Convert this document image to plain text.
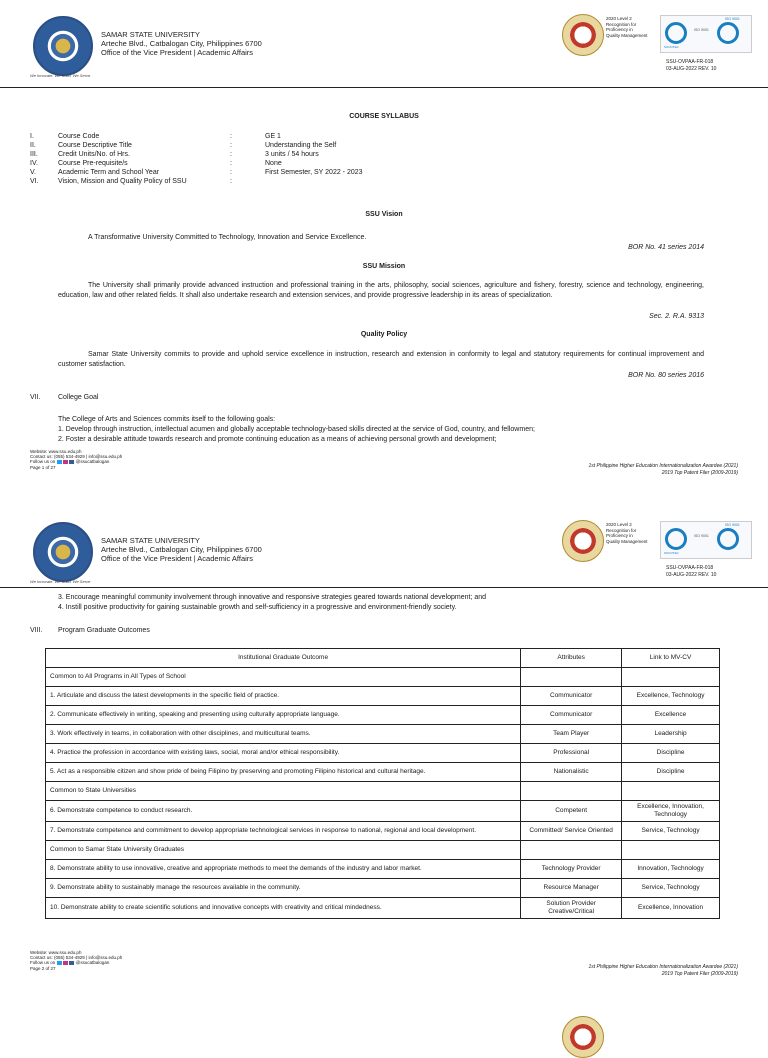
We Innovate. We Build. We Serve.
SAMAR STATE UNIVERSITY
Arteche Blvd., Catbalogan City, Philippines 6700
Office of the Vice President | Academic Affairs
2020 Level 2
Recognition for
Proficiency in
Quality Management
ISO 9001
ISO 9001
SOCOTEC
SSU-OVPAA-FR-018
03-AUG-2022 REV. 10
COURSE SYLLABUS
I.	Course Code	:	GE 1
II.	Course Descriptive Title	:	Understanding the Self
III.	Credit Units/No. of Hrs.	:	3 units / 54 hours
IV.	Course Pre-requisite/s	:	None
V.	Academic Term and School Year	:	First Semester, SY 2022 - 2023
VI.	Vision, Mission and Quality Policy of SSU	:
SSU Vision
A Transformative University Committed to Technology, Innovation and Service Excellence.
BOR No. 41 series 2014
SSU Mission
The University shall primarily provide advanced instruction and professional training in the arts, philosophy, social sciences, agriculture and fishery, forestry, science and technology, engineering, education, law and other related fields. It shall also undertake research and extension services, and provide progressive leadership in its areas of specialization.
Sec. 2. R.A. 9313
Quality Policy
Samar State University commits to provide and uphold service excellence in instruction, research and extension in conformity to legal and statutory requirements for continual improvement and customer satisfaction.
BOR No. 80 series 2016
VII. College Goal
The College of Arts and Sciences commits itself to the following goals:
1. Develop through instruction, intellectual acumen and globally acceptable technology-based skills directed at the service of God, country, and fellowmen;
2. Foster a desirable attitude towards research and promote continuing education as a means of achieving personal growth and development;
Website: www.ssu.edu.ph
Contact us: (055) 534-4929 | info@ssu.edu.ph
Follow us on	@ssucatbalogan
Page 1 of 27	1st Philippine Higher Education Internationalization Awardee (2021)
2019 Top Patent Filer (2009-2019)
We Innovate. We Build. We Serve.
SAMAR STATE UNIVERSITY
Arteche Blvd., Catbalogan City, Philippines 6700
Office of the Vice President | Academic Affairs
2020 Level 2
Recognition for
Proficiency in
Quality Management
ISO 9001
ISO 9001
SOCOTEC
SSU-OVPAA-FR-018
03-AUG-2022 REV. 10
3. Encourage meaningful community involvement through innovative and responsive strategies geared towards national development; and
4. Instill positive productivity for gaining sustainable growth and self-sufficiency in a progressive and environment-friendly society.
VIII. Program Graduate Outcomes
Website: www.ssu.edu.ph
Contact us: (055) 534-4929 | info@ssu.edu.ph
Follow us on	@ssucatbalogan
Page 2 of 27	1st Philippine Higher Education Internationalization Awardee (2021)
2019 Top Patent Filer (2009-2019)
Institutional Graduate Outcome	Attributes	Link to MV-CV
Common to All Programs in All Types of School		
1. Articulate and discuss the latest developments in the specific field of practice.	Communicator	Excellence, Technology
2. Communicate effectively in writing, speaking and presenting using culturally appropriate language.	Communicator	Excellence
3. Work effectively in teams, in collaboration with other disciplines, and multicultural teams.	Team Player	Leadership
4. Practice the profession in accordance with existing laws, social, moral and/or ethical responsibility.	Professional	Discipline
5. Act as a responsible citizen and show pride of being Filipino by preserving and promoting Filipino historical and cultural heritage.	Nationalistic	Discipline
Common to State Universities		
6. Demonstrate competence to conduct research.	Competent	Excellence, Innovation, Technology
7. Demonstrate competence and commitment to develop appropriate technological services in response to national, regional and local development.	Committed/ Service Oriented	Service, Technology
Common to Samar State University Graduates		
8. Demonstrate ability to use innovative, creative and appropriate methods to meet the demands of the industry and labor market.	Technology Provider	Innovation, Technology
9. Demonstrate ability to sustainably manage the resources available in the community.	Resource Manager	Service, Technology
10. Demonstrate ability to create scientific solutions and innovative concepts with creativity and critical mindedness.	Solution Provider Creative/Critical	Excellence, Innovation
